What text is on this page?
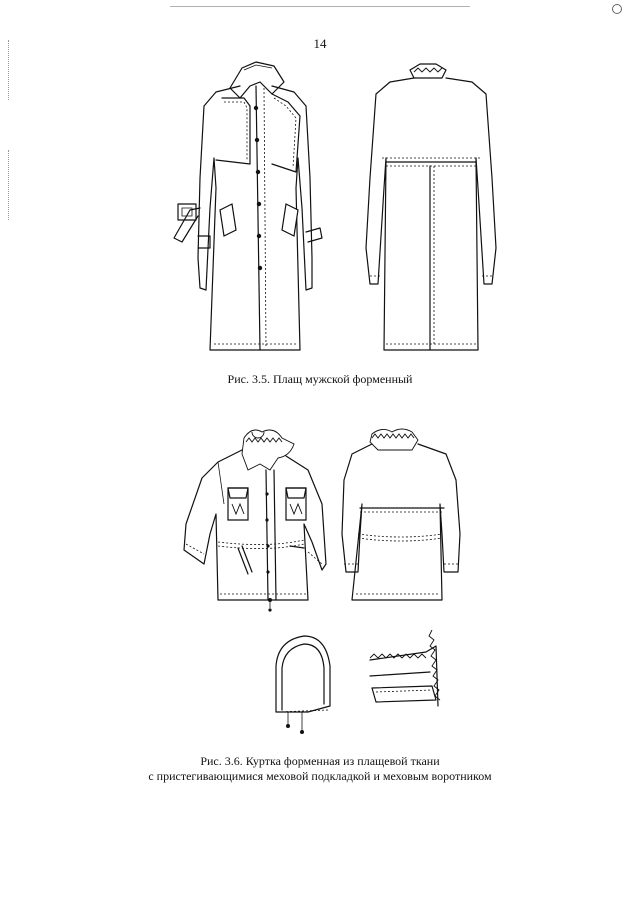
14
Рис. 3.5. Плащ мужской форменный
Рис. 3.6. Куртка форменная из плащевой ткани
с пристегивающимися меховой подкладкой и меховым воротником
